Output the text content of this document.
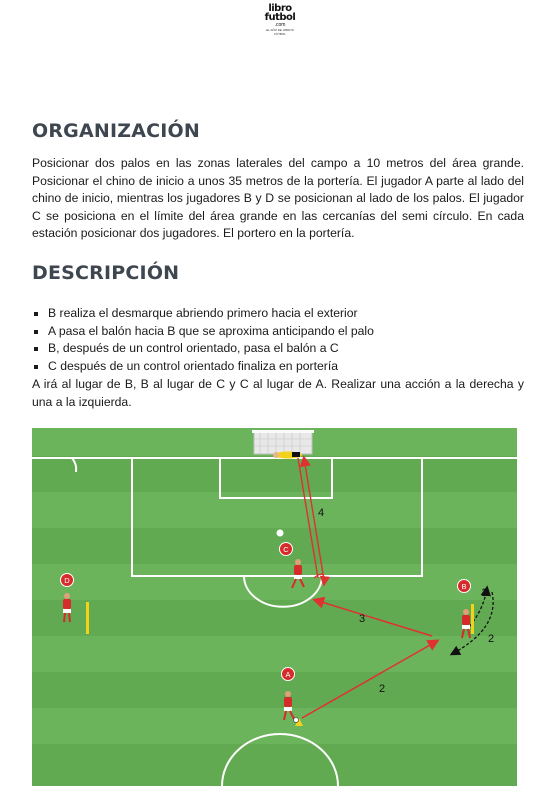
libro
futbol
.com
EL AÑO DE LIBROS FÚTBOL
ORGANIZACIÓN

Posicionar dos palos en las zonas laterales del campo a 10 metros del área grande. Posicionar el chino de inicio a unos 35 metros de la portería. El jugador A parte al lado del chino de inicio, mientras los jugadores B y D se posicionan al lado de los palos. El jugador C se posiciona en el límite del área grande en las cercanías del semi círculo. En cada estación posicionar dos jugadores. El portero en la portería.

DESCRIPCIÓN
B realiza el desmarque abriendo primero hacia el exterior
A pasa el balón hacia B que se aproxima anticipando el palo
B, después de un control orientado, pasa el balón a C
C después de un control orientado finaliza en portería

A irá al lugar de B, B al lugar de C y C al lugar de A. Realizar una acción a la derecha y una a la izquierda.

D
B
C
A
1
2
2
3
4
